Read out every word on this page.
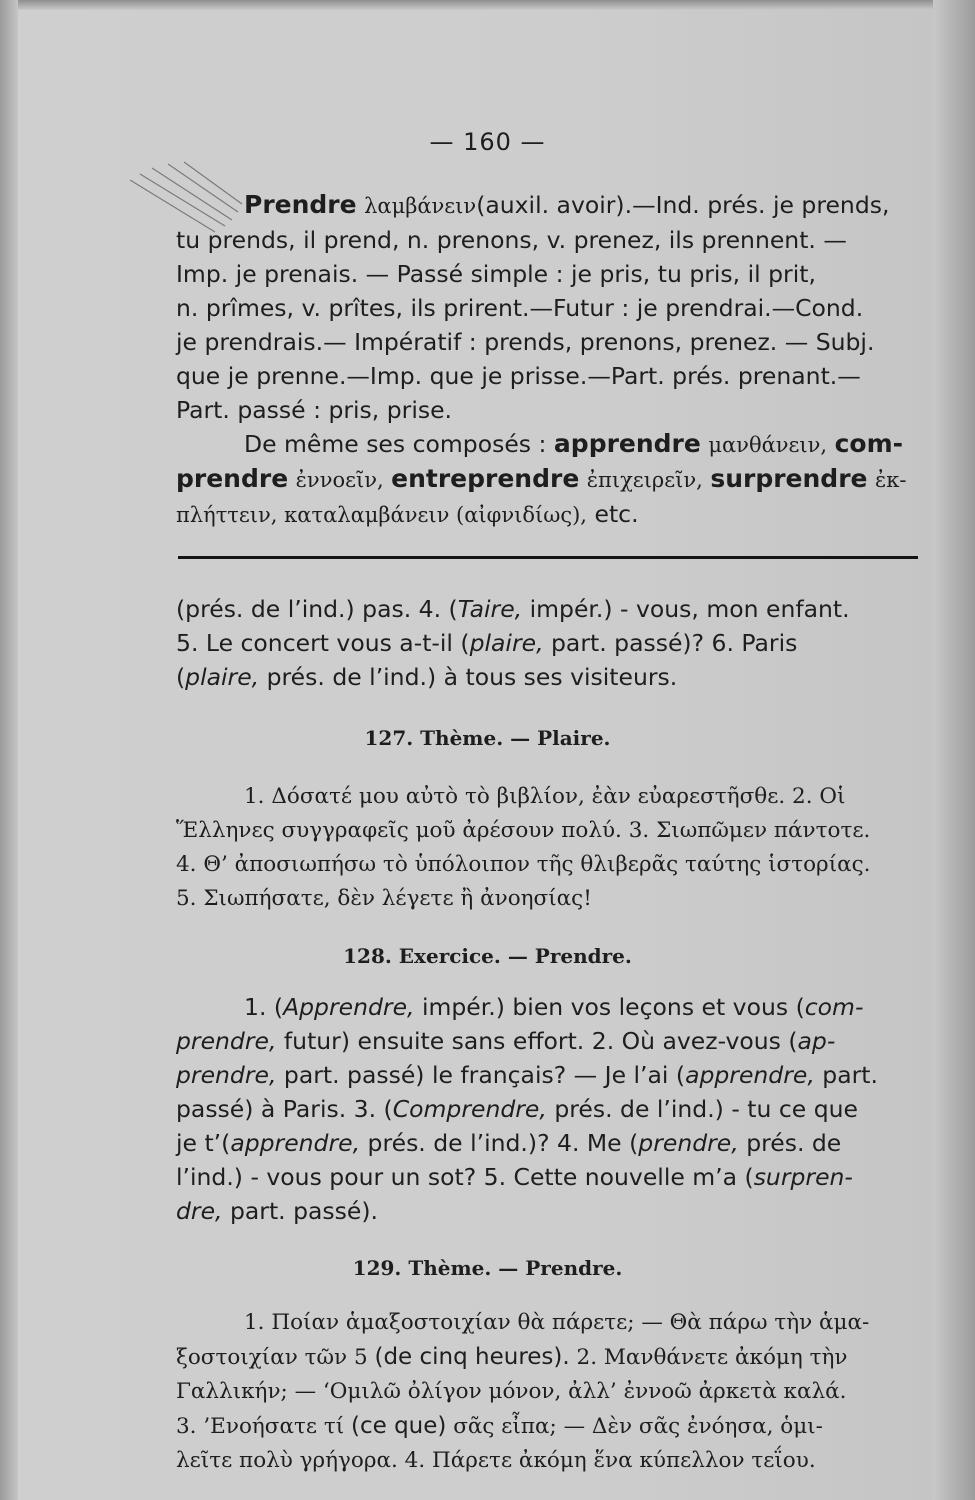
— 160 —

Prendre λαμβάνειν(auxil. avoir).—Ind. prés. je prends,

tu prends, il prend, n. prenons, v. prenez, ils prennent. —

Imp. je prenais. — Passé simple : je pris, tu pris, il prit,

n. prîmes, v. prîtes, ils prirent.—Futur : je prendrai.—Cond.

je prendrais.— Impératif : prends, prenons, prenez. — Subj.

que je prenne.—Imp. que je prisse.—Part. prés. prenant.—

Part. passé : pris, prise.

De même ses composés : apprendre μανθάνειν, com-

prendre ἐννοεῖν, entreprendre ἐπιχειρεῖν, surprendre ἐκ-

πλήττειν, καταλαμβάνειν (αἰφνιδίως), etc.

(prés. de l’ind.) pas. 4. (Taire, impér.) - vous, mon enfant.

5. Le concert vous a-t-il (plaire, part. passé)? 6. Paris

(plaire, prés. de l’ind.) à tous ses visiteurs.

127. Thème. — Plaire.

1. Δόσατέ μου αὐτὸ τὸ βιβλίον, ἐὰν εὐαρεστῆσθε. 2. Οἱ

Ἕλληνες συγγραφεῖς μοῦ ἀρέσουν πολύ. 3. Σιωπῶμεν πάντοτε.

4. Θ’ ἀποσιωπήσω τὸ ὑπόλοιπον τῆς θλιβερᾶς ταύτης ἱστορίας.

5. Σιωπήσατε, δὲν λέγετε ἢ ἀνοησίας!

128. Exercice. — Prendre.

1. (Apprendre, impér.) bien vos leçons et vous (com-

prendre, futur) ensuite sans effort. 2. Où avez-vous (ap-

prendre, part. passé) le français? — Je l’ai (apprendre, part.

passé) à Paris. 3. (Comprendre, prés. de l’ind.) - tu ce que

je t’(apprendre, prés. de l’ind.)? 4. Me (prendre, prés. de

l’ind.) - vous pour un sot? 5. Cette nouvelle m’a (surpren-

dre, part. passé).

129. Thème. — Prendre.

1. Ποίαν ἁμαξοστοιχίαν θὰ πάρετε; — Θὰ πάρω τὴν ἁμα-

ξοστοιχίαν τῶν 5 (de cinq heures). 2. Μανθάνετε ἀκόμη τὴν

Γαλλικήν; — ‘Ομιλῶ ὀλίγον μόνον, ἀλλ’ ἐννοῶ ἀρκετὰ καλά.

3. ’Ενοήσατε τί (ce que) σᾶς εἶπα; — Δὲν σᾶς ἐνόησα, ὁμι-

λεῖτε πολὺ γρήγορα. 4. Πάρετε ἀκόμη ἕνα κύπελλον τεΐου.
